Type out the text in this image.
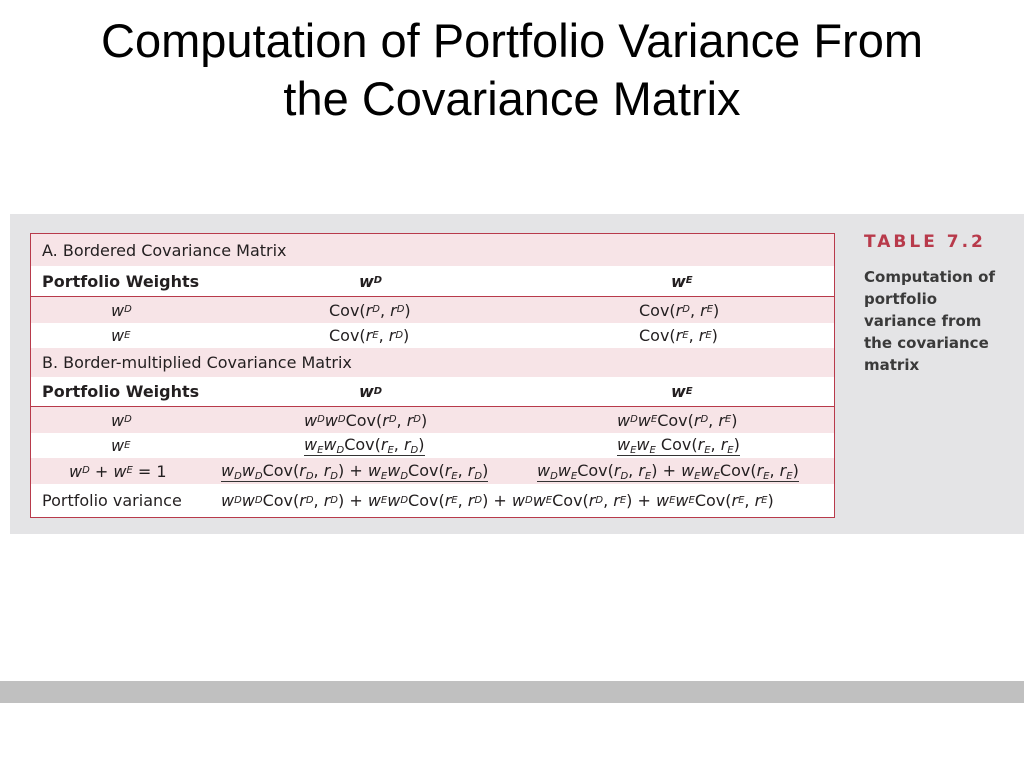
Computation of Portfolio Variance From
the Covariance Matrix
A. Bordered Covariance Matrix
Portfolio Weights	w D	w E
w D	Cov( r D , r D )	Cov( r D , r E )
w E	Cov( r E , r D )	Cov( r E , r E )
B. Border-multiplied Covariance Matrix
Portfolio Weights	w D	w E
w D	w D w D Cov( r D , r D )	w D w E Cov( r D , r E )
w E	$w_Ew_DCov(r_E$, $r_D$)	$w_Ew_E$ $Cov(r_E$, $r_E$)
w D + w E = 1	$w_Dw_DCov(r_D$, $r_D) + w_Ew_DCov(r_E$, $r_D$)	$w_Dw_ECov(r_D$, $r_E) + w_Ew_ECov(r_E$, $r_E$)
Portfolio variance w D w D Cov( r D , r D ) + w E w D Cov( r E , r D ) + w D w E Cov( r D , r E ) + w E w E Cov( r E , r E )
TABLE 7.2
Computation of portfolio variance from the covariance matrix
